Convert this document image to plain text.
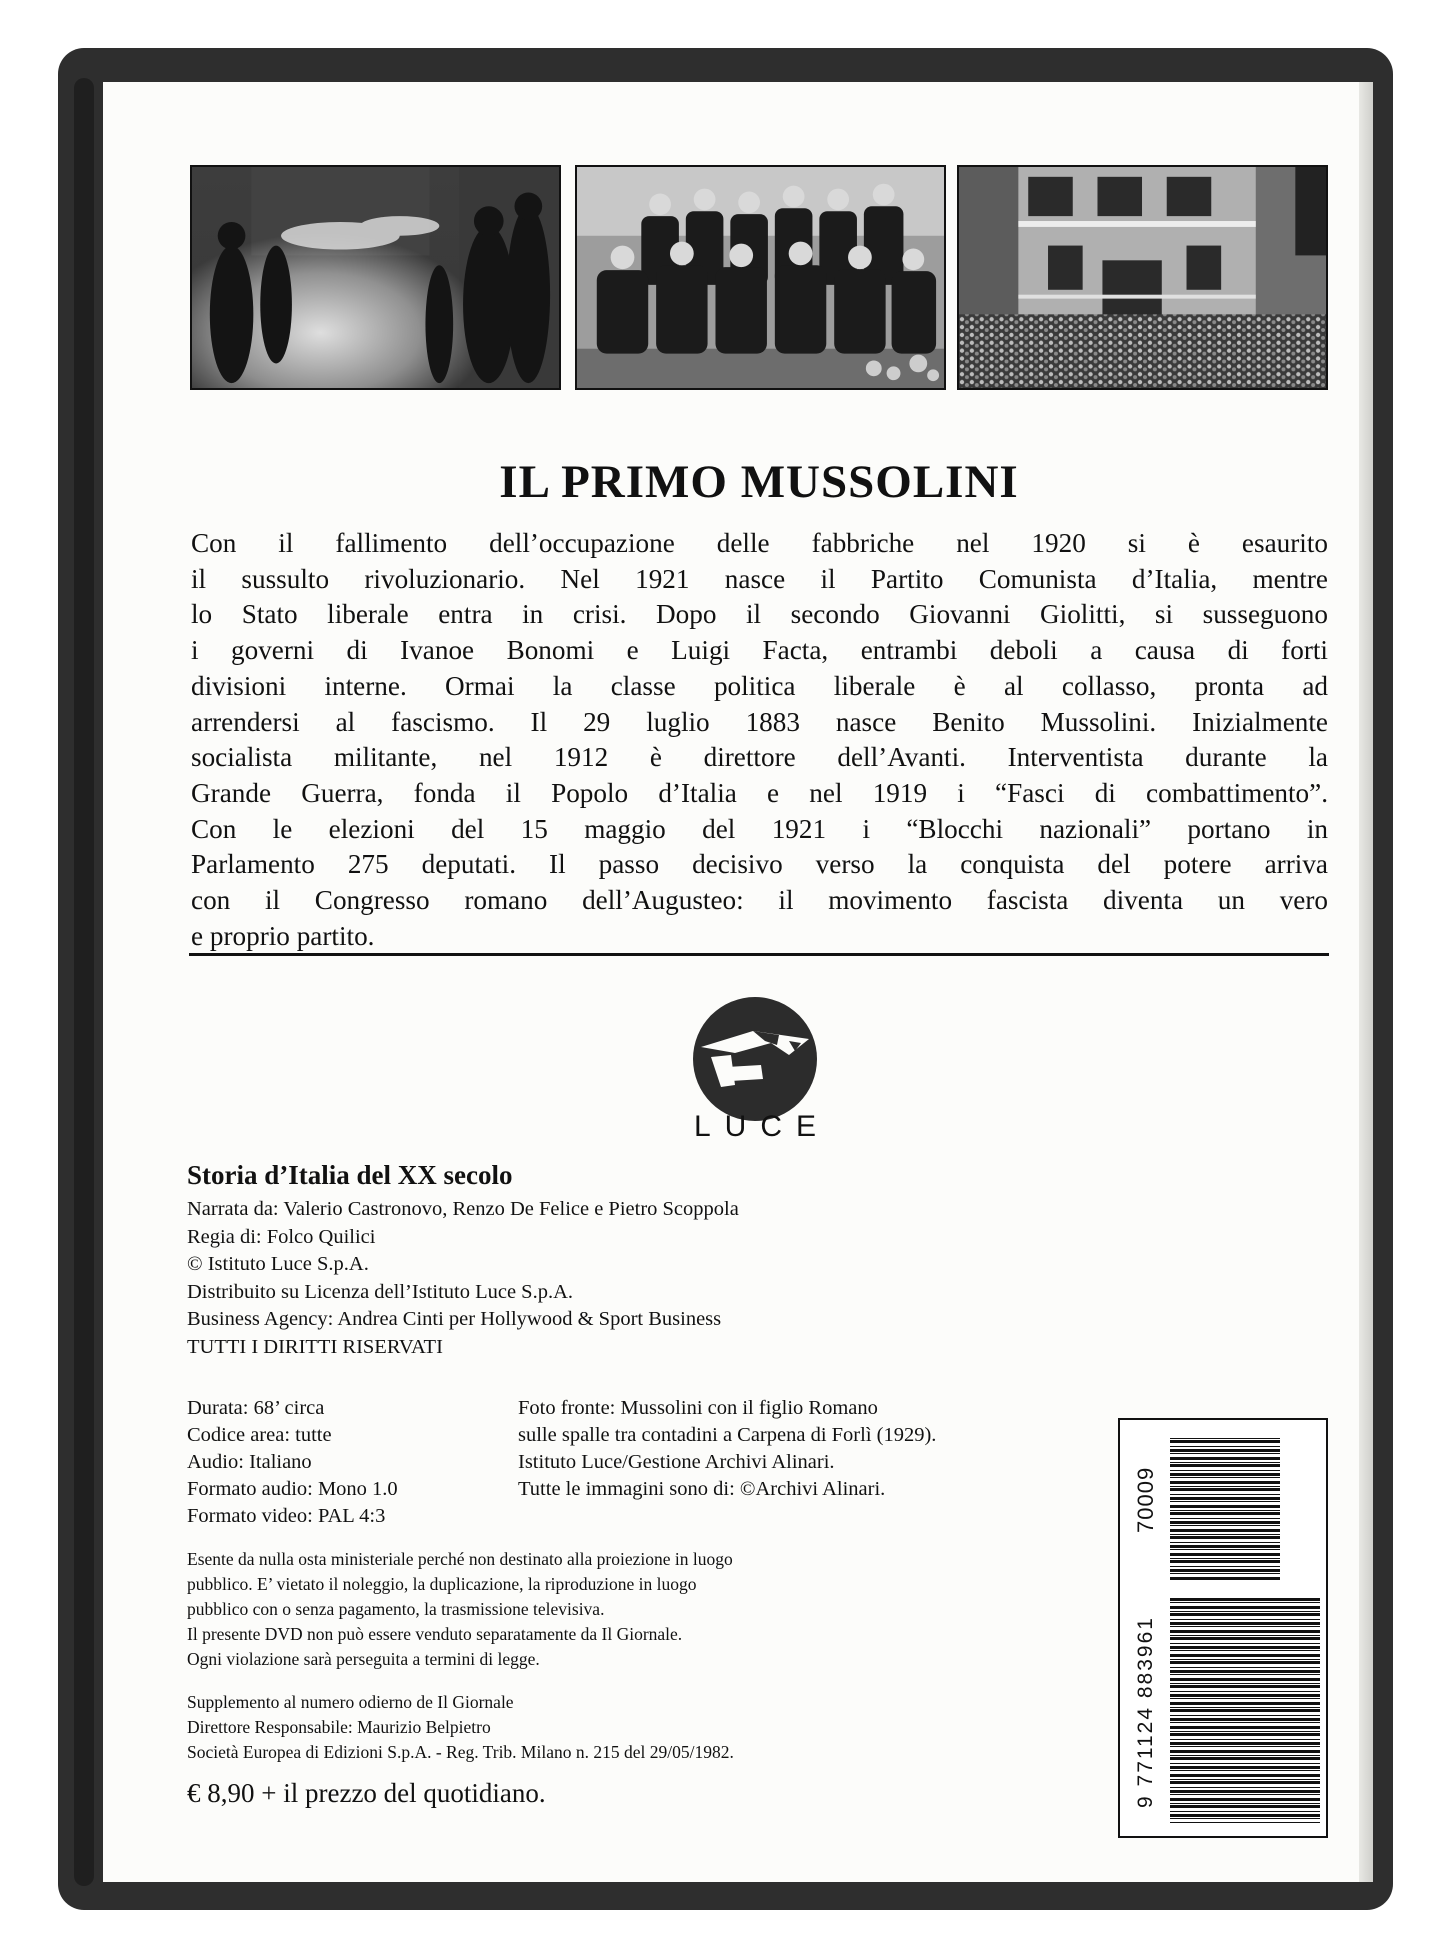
IL PRIMO MUSSOLINI
Con il fallimento dell’occupazione delle fabbriche nel 1920 si è esaurito
il sussulto rivoluzionario. Nel 1921 nasce il Partito Comunista d’Italia, mentre
lo Stato liberale entra in crisi. Dopo il secondo Giovanni Giolitti, si susseguono
i governi di Ivanoe Bonomi e Luigi Facta, entrambi deboli a causa di forti
divisioni interne. Ormai la classe politica liberale è al collasso, pronta ad
arrendersi al fascismo. Il 29 luglio 1883 nasce Benito Mussolini. Inizialmente
socialista militante, nel 1912 è direttore dell’Avanti. Interventista durante la
Grande Guerra, fonda il Popolo d’Italia e nel 1919 i “Fasci di combattimento”.
Con le elezioni del 15 maggio del 1921 i “Blocchi nazionali” portano in
Parlamento 275 deputati. Il passo decisivo verso la conquista del potere arriva
con il Congresso romano dell’Augusteo: il movimento fascista diventa un vero
e proprio partito.
LUCE
Storia d’Italia del XX secolo
Narrata da: Valerio Castronovo, Renzo De Felice e Pietro Scoppola
Regia di: Folco Quilici
© Istituto Luce S.p.A.
Distribuito su Licenza dell’Istituto Luce S.p.A.
Business Agency: Andrea Cinti per Hollywood & Sport Business
TUTTI I DIRITTI RISERVATI
Durata: 68’ circa
Codice area: tutte
Audio: Italiano
Formato audio: Mono 1.0
Formato video: PAL 4:3
Foto fronte: Mussolini con il figlio Romano
sulle spalle tra contadini a Carpena di Forlì (1929).
Istituto Luce/Gestione Archivi Alinari.
Tutte le immagini sono di: ©Archivi Alinari.
Esente da nulla osta ministeriale perché non destinato alla proiezione in luogo
pubblico. E’ vietato il noleggio, la duplicazione, la riproduzione in luogo
pubblico con o senza pagamento, la trasmissione televisiva.
Il presente DVD non può essere venduto separatamente da Il Giornale.
Ogni violazione sarà perseguita a termini di legge.
Supplemento al numero odierno de Il Giornale
Direttore Responsabile: Maurizio Belpietro
Società Europea di Edizioni S.p.A. - Reg. Trib. Milano n. 215 del 29/05/1982.
€ 8,90 + il prezzo del quotidiano.
70009
9 771124 883961
